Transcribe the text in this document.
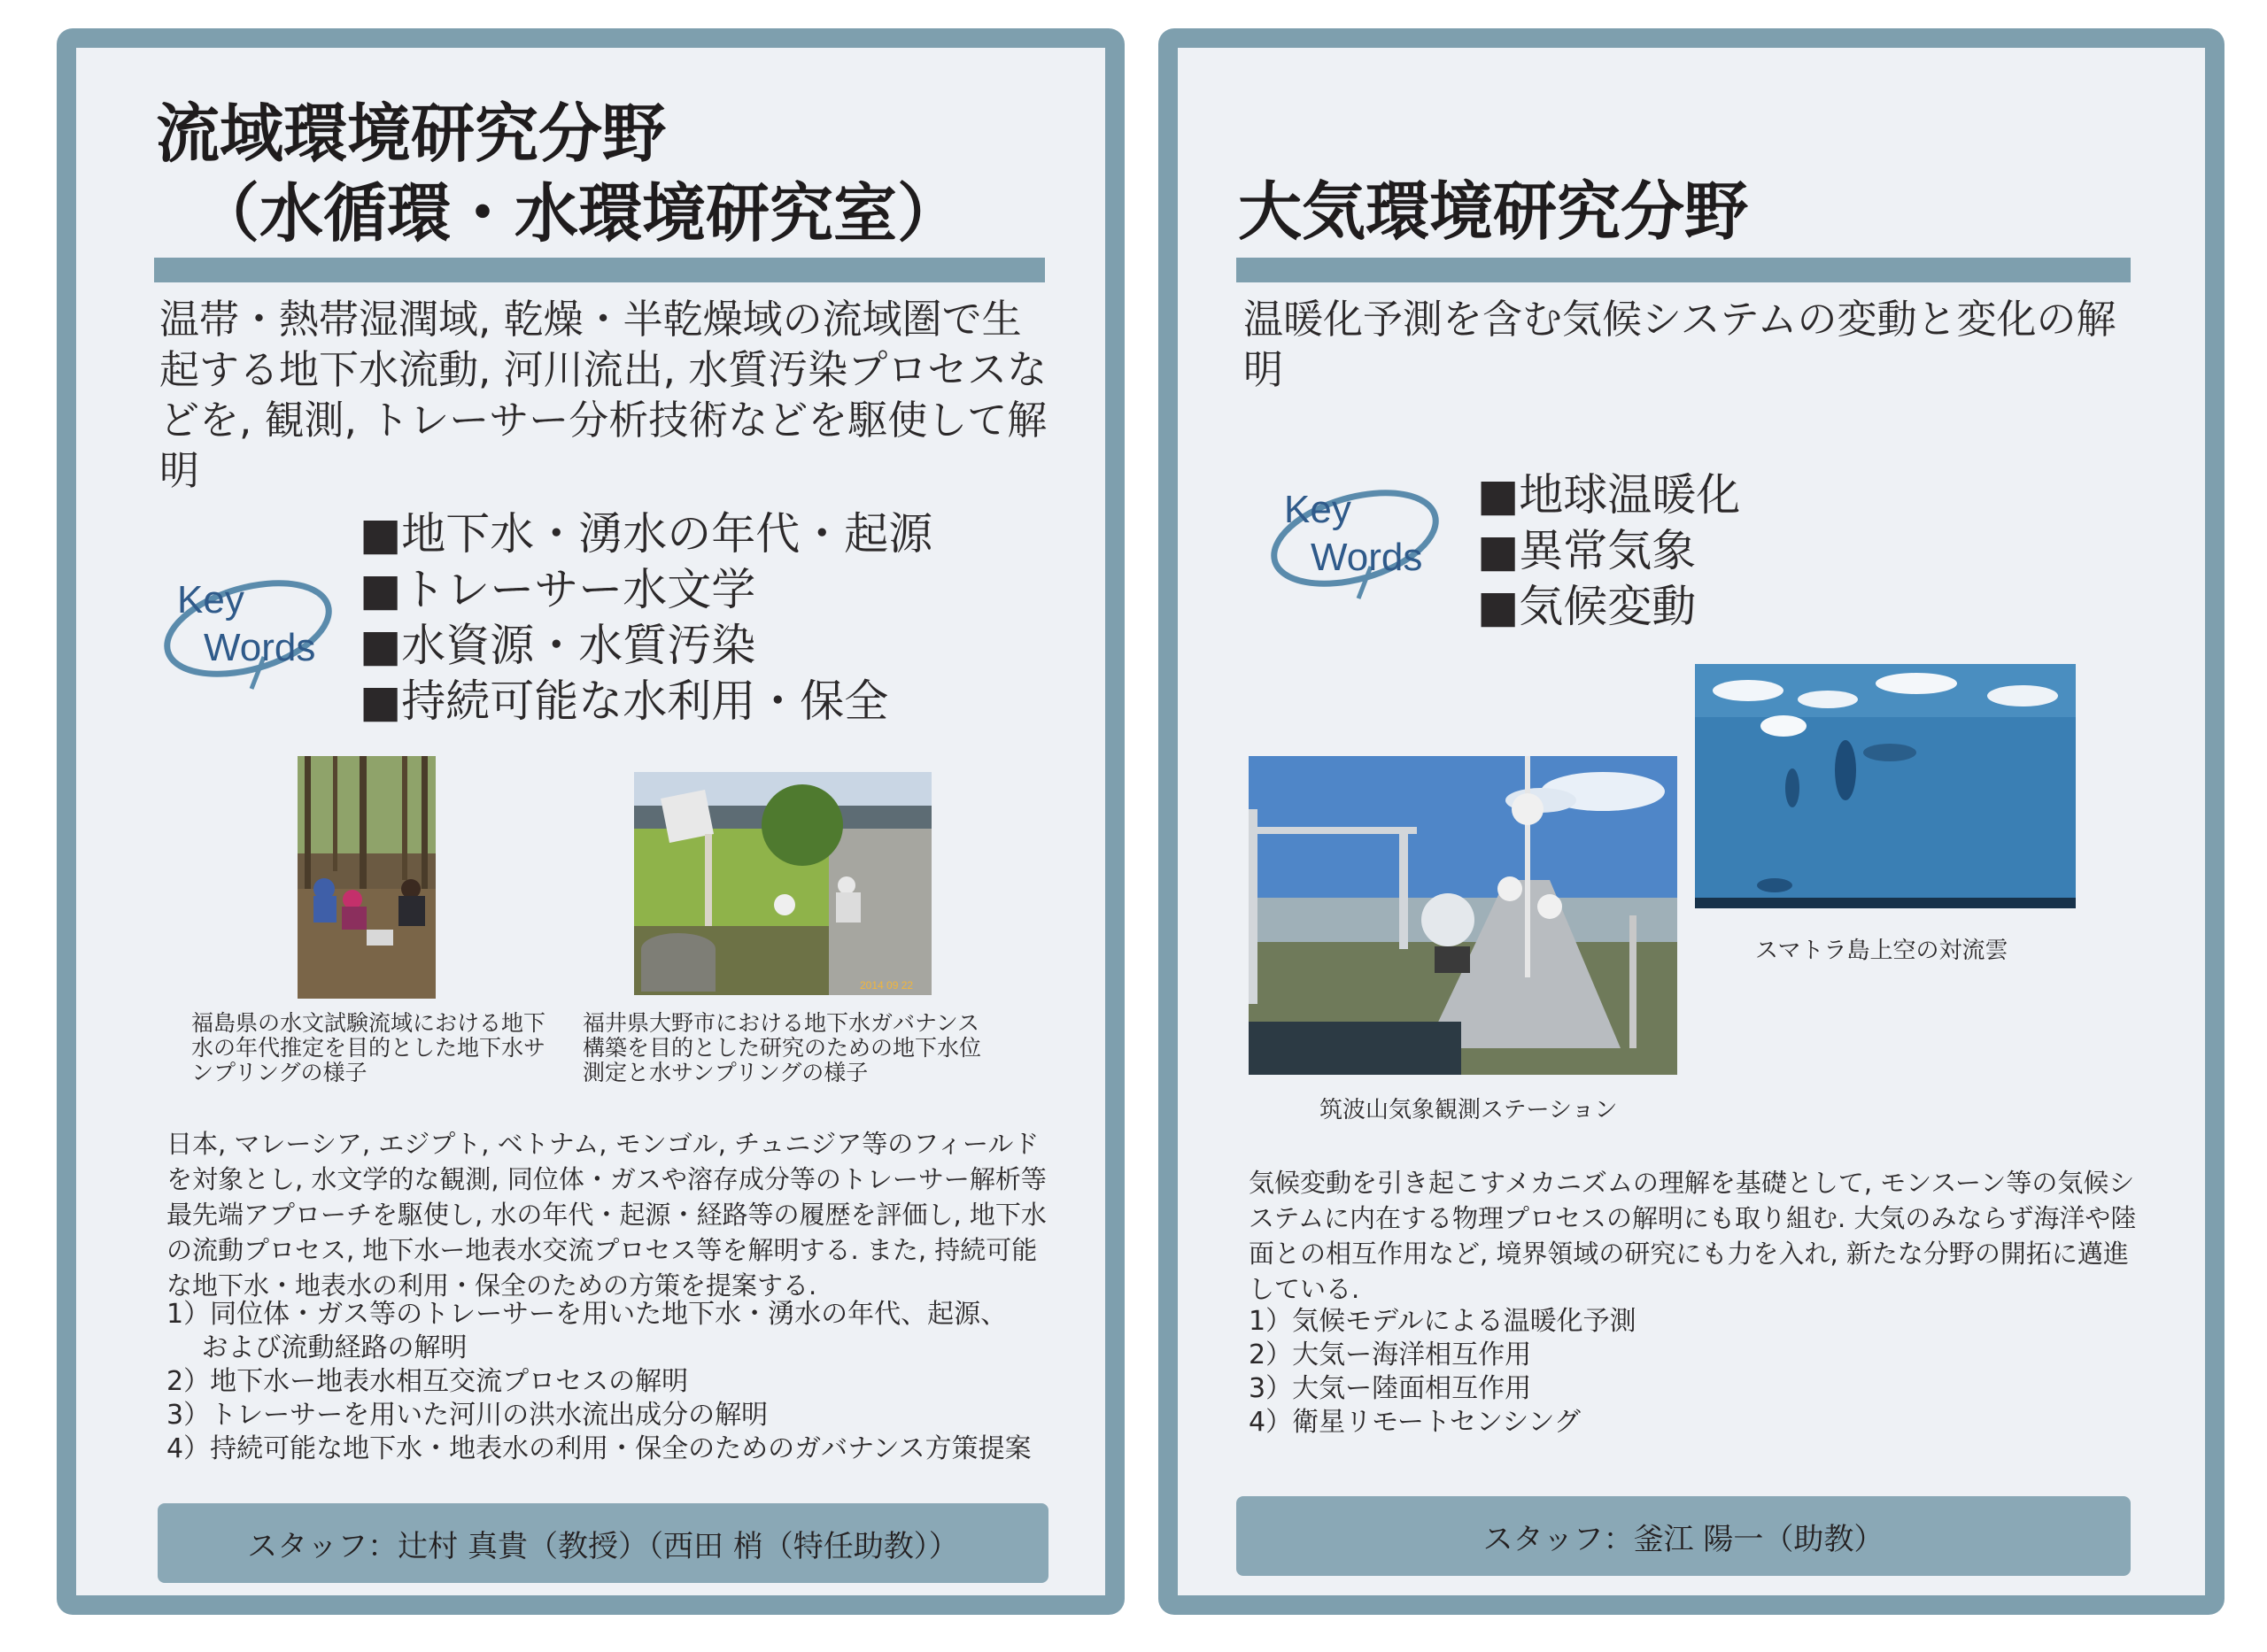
流域環境研究分野
（水循環・水環境研究室）
温帯・熱帯湿潤域, 乾燥・半乾燥域の流域圏で生起する地下水流動, 河川流出, 水質汚染プロセスなどを, 観測, トレーサー分析技術などを駆使して解明
Key
Words
■地下水・湧水の年代・起源
■トレーサー水文学
■水資源・水質汚染
■持続可能な水利用・保全
福島県の水文試験流域における地下水の年代推定を目的とした地下水サンプリングの様子
2014 09 22
福井県大野市における地下水ガバナンス構築を目的とした研究のための地下水位測定と水サンプリングの様子
日本, マレーシア, エジプト, ベトナム, モンゴル, チュニジア等のフィールドを対象とし, 水文学的な観測, 同位体・ガスや溶存成分等のトレーサー解析等最先端アプローチを駆使し, 水の年代・起源・経路等の履歴を評価し, 地下水の流動プロセス, 地下水ー地表水交流プロセス等を解明する. また, 持続可能な地下水・地表水の利用・保全のための方策を提案する.
1）同位体・ガス等のトレーサーを用いた地下水・湧水の年代、起源、
　 および流動経路の解明
2）地下水ー地表水相互交流プロセスの解明
3）トレーサーを用いた河川の洪水流出成分の解明
4）持続可能な地下水・地表水の利用・保全のためのガバナンス方策提案
スタッフ：辻村 真貴（教授）（西田 梢（特任助教））
大気環境研究分野
温暖化予測を含む気候システムの変動と変化の解明
Key
Words
■地球温暖化
■異常気象
■気候変動
筑波山気象観測ステーション
スマトラ島上空の対流雲
気候変動を引き起こすメカニズムの理解を基礎として, モンスーン等の気候システムに内在する物理プロセスの解明にも取り組む. 大気のみならず海洋や陸面との相互作用など, 境界領域の研究にも力を入れ, 新たな分野の開拓に邁進している.
1）気候モデルによる温暖化予測
2）大気ー海洋相互作用
3）大気ー陸面相互作用
4）衛星リモートセンシング
スタッフ：釜江 陽一（助教）
